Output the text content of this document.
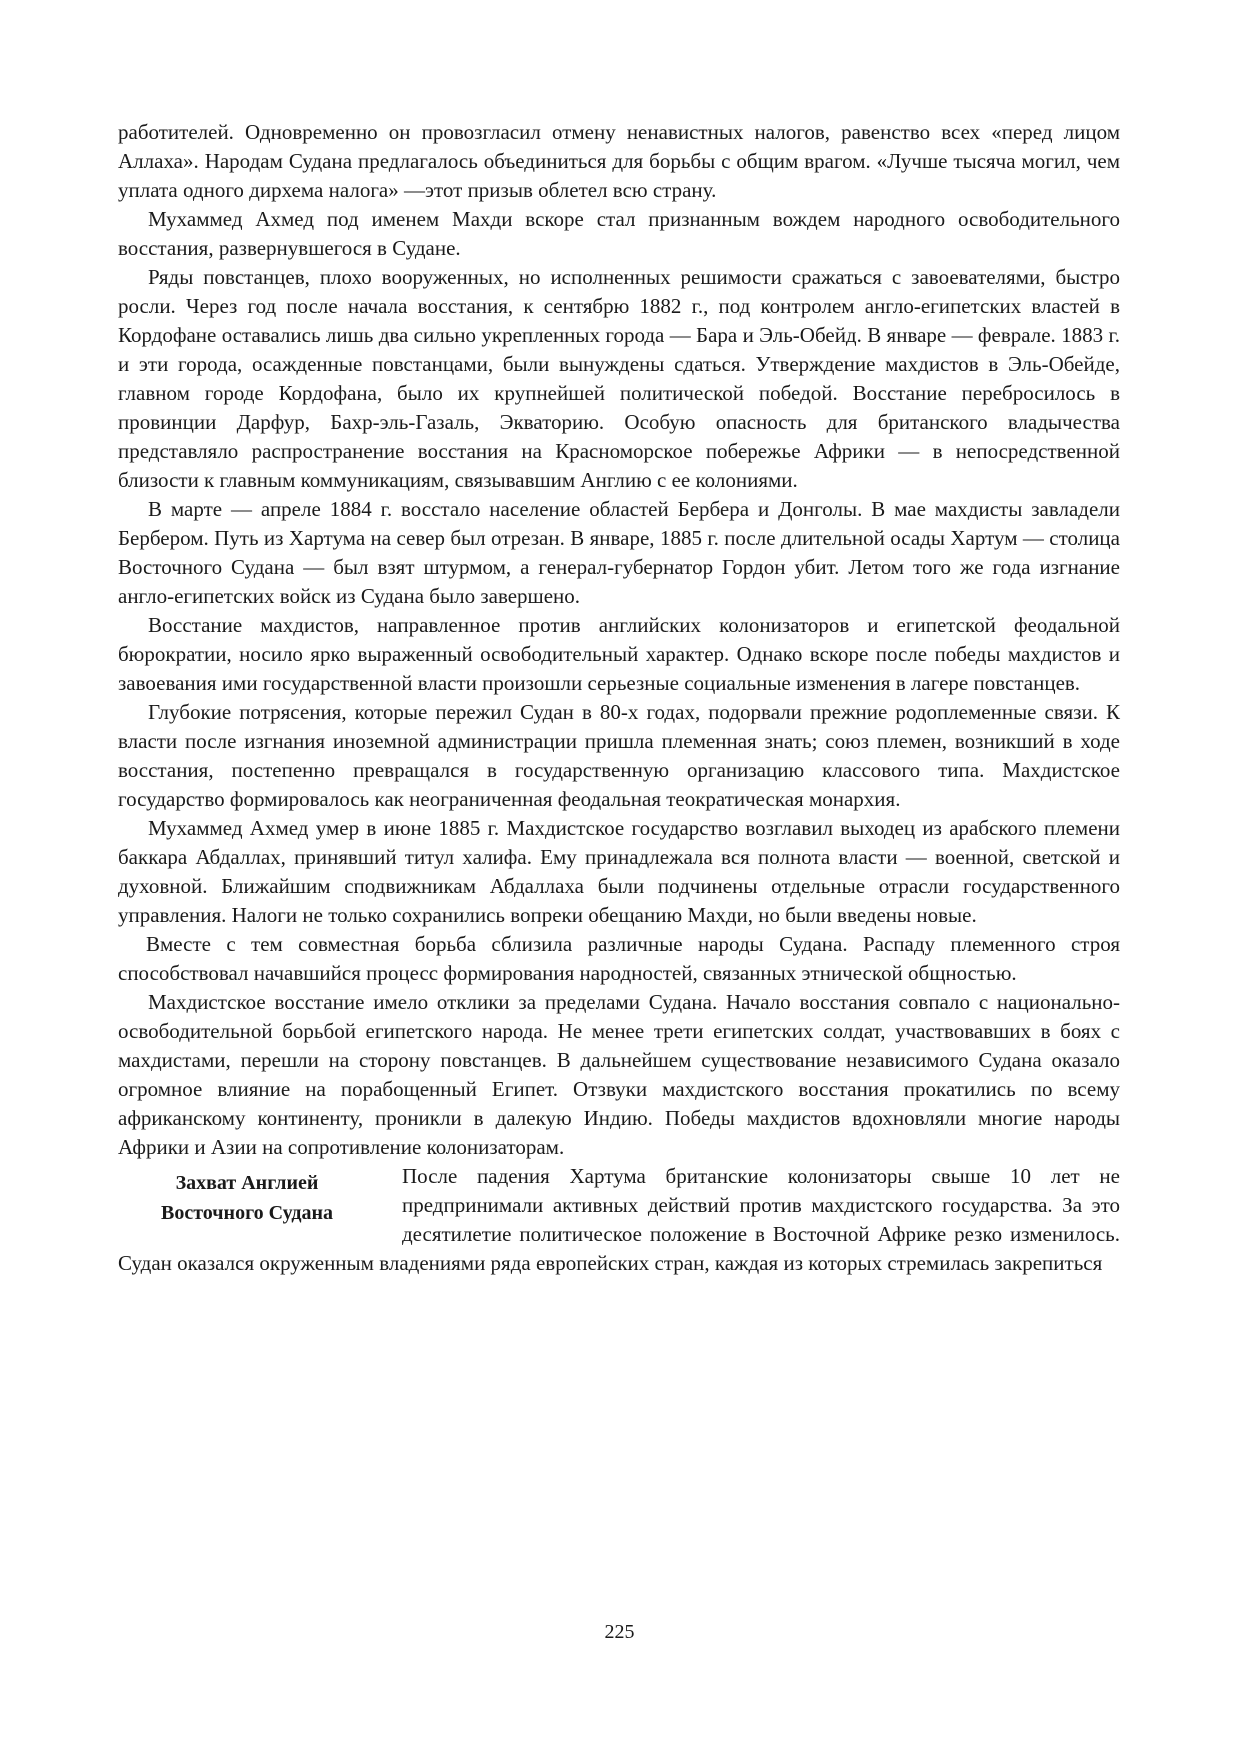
работителей. Одновременно он провозгласил отмену ненавистных налогов, равенство всех «перед лицом Аллаха». Народам Судана предлагалось объединиться для борьбы с общим врагом. «Лучше тысяча могил, чем уплата одного дирхема налога» —этот призыв облетел всю страну.

Мухаммед Ахмед под именем Махди вскоре стал признанным вождем народного освободительного восстания, развернувшегося в Судане.

Ряды повстанцев, плохо вооруженных, но исполненных решимости сражаться с завоевателями, быстро росли. Через год после начала восстания, к сентябрю 1882 г., под контролем англо-египетских властей в Кордофане оставались лишь два сильно укрепленных города — Бара и Эль-Обейд. В январе — феврале. 1883 г. и эти города, осажденные повстанцами, были вынуждены сдаться. Утверждение махдистов в Эль-Обейде, главном городе Кордофана, было их крупнейшей политической победой. Восстание перебросилось в провинции Дарфур, Бахр-эль-Газаль, Экваторию. Особую опасность для британского владычества представляло распространение восстания на Красноморское побережье Африки — в непосредственной близости к главным коммуникациям, связывавшим Англию с ее колониями.

В марте — апреле 1884 г. восстало население областей Бербера и Донголы. В мае махдисты завладели Бербером. Путь из Хартума на север был отрезан. В январе, 1885 г. после длительной осады Хартум — столица Восточного Судана — был взят штурмом, а генерал-губернатор Гордон убит. Летом того же года изгнание англо-египетских войск из Судана было завершено.

Восстание махдистов, направленное против английских колонизаторов и египетской феодальной бюрократии, носило ярко выраженный освободительный характер. Однако вскоре после победы махдистов и завоевания ими государственной власти произошли серьезные социальные изменения в лагере повстанцев.

Глубокие потрясения, которые пережил Судан в 80-х годах, подорвали прежние родоплеменные связи. К власти после изгнания иноземной администрации пришла племенная знать; союз племен, возникший в ходе восстания, постепенно превращался в государственную организацию классового типа. Махдистское государство формировалось как неограниченная феодальная теократическая монархия.

Мухаммед Ахмед умер в июне 1885 г. Махдистское государство возглавил выходец из арабского племени баккара Абдаллах, принявший титул халифа. Ему принадлежала вся полнота власти — военной, светской и духовной. Ближайшим сподвижникам Абдаллаха были подчинены отдельные отрасли государственного управления. Налоги не только сохранились вопреки обещанию Махди, но были введены новые.

Вместе с тем совместная борьба сблизила различные народы Судана. Распаду племенного строя способствовал начавшийся процесс формирования народностей, связанных этнической общностью.

Махдистское восстание имело отклики за пределами Судана. Начало восстания совпало с национально-освободительной борьбой египетского народа. Не менее трети египетских солдат, участвовавших в боях с махдистами, перешли на сторону повстанцев. В дальнейшем существование независимого Судана оказало огромное влияние на порабощенный Египет. Отзвуки махдистского восстания прокатились по всему африканскому континенту, проникли в далекую Индию. Победы махдистов вдохновляли многие народы Африки и Азии на сопротивление колонизаторам.

Захват Англией
Восточного Судана
После падения Хартума британские колонизаторы свыше 10 лет не предпринимали активных действий против махдистского государства. За это десятилетие политическое положение в Восточной Африке резко изменилось. Судан оказался окруженным владениями ряда европейских стран, каждая из которых стремилась закрепиться
225
